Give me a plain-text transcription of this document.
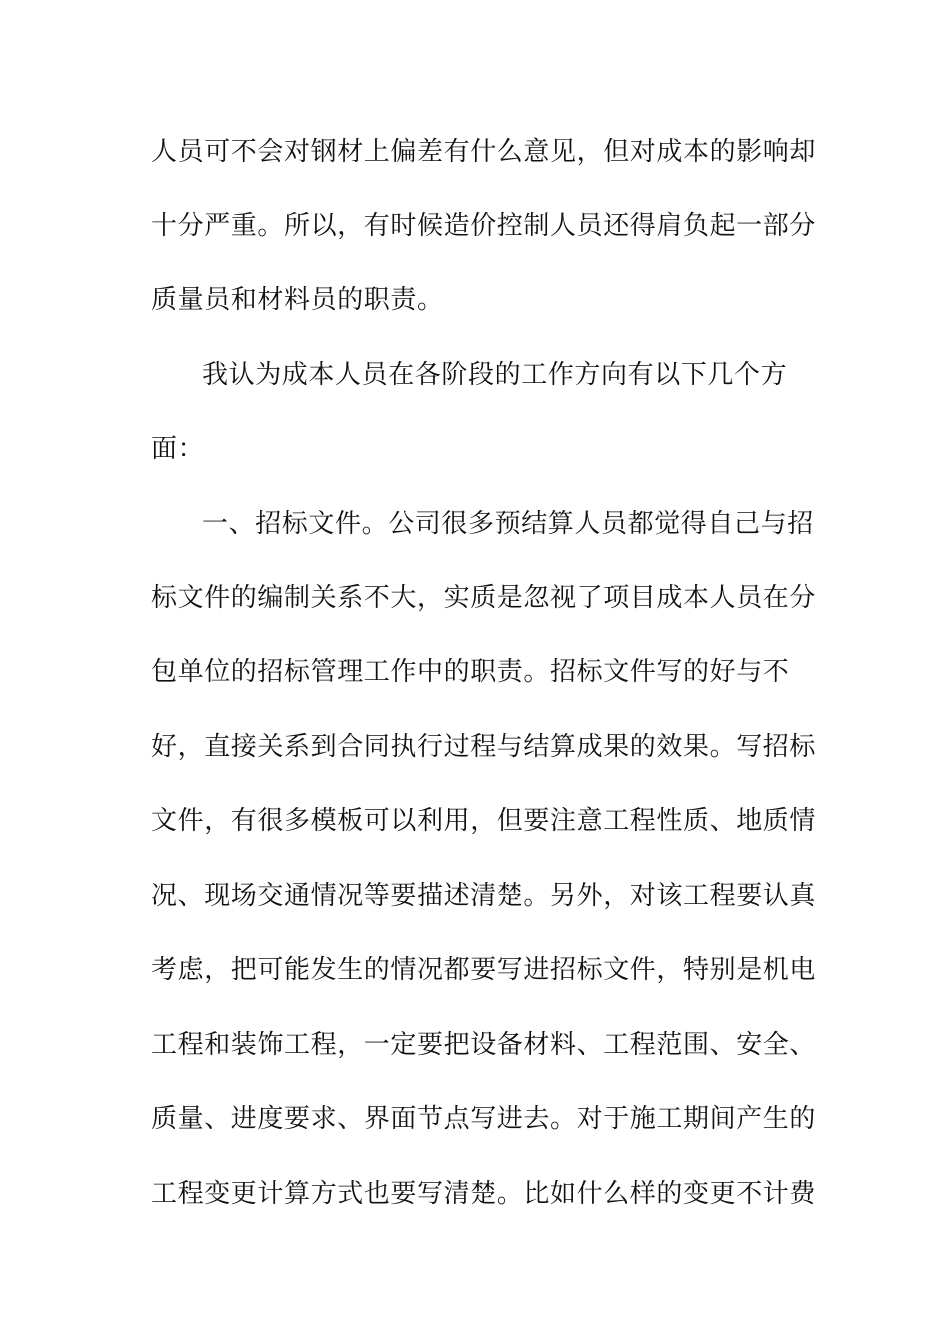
人员可不会对钢材上偏差有什么意见，但对成本的影响却
十分严重。所以，有时候造价控制人员还得肩负起一部分
质量员和材料员的职责。
我认为成本人员在各阶段的工作方向有以下几个方
面：
一、招标文件。公司很多预结算人员都觉得自己与招
标文件的编制关系不大，实质是忽视了项目成本人员在分
包单位的招标管理工作中的职责。招标文件写的好与不
好，直接关系到合同执行过程与结算成果的效果。写招标
文件，有很多模板可以利用，但要注意工程性质、地质情
况、现场交通情况等要描述清楚。另外，对该工程要认真
考虑，把可能发生的情况都要写进招标文件，特别是机电
工程和装饰工程，一定要把设备材料、工程范围、安全、
质量、进度要求、界面节点写进去。对于施工期间产生的
工程变更计算方式也要写清楚。比如什么样的变更不计费
